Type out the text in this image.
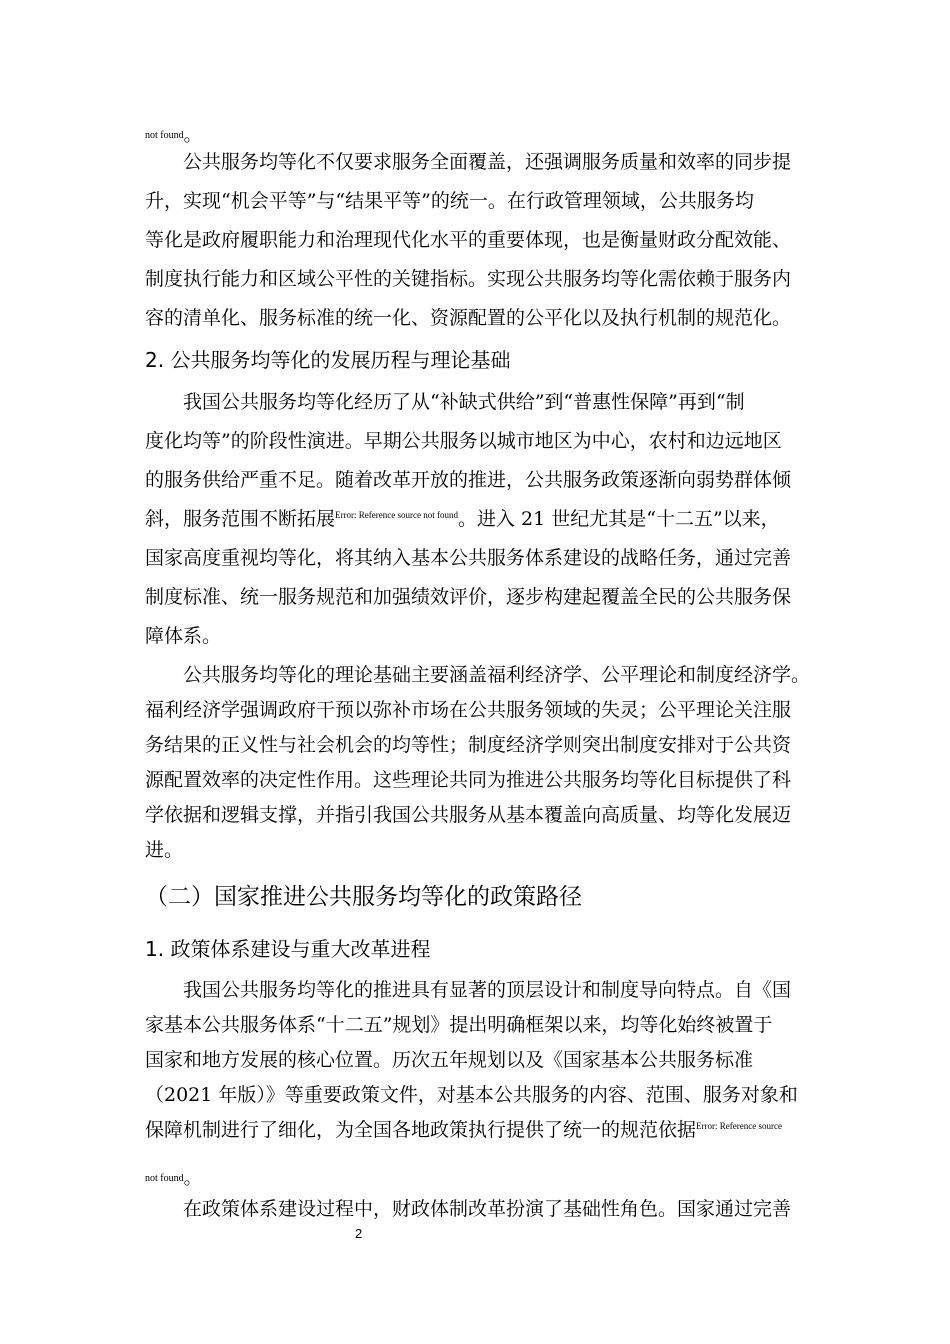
not found。
　　公共服务均等化不仅要求服务全面覆盖，还强调服务质量和效率的同步提
升，实现“机会平等”与“结果平等”的统一。在行政管理领域，公共服务均
等化是政府履职能力和治理现代化水平的重要体现，也是衡量财政分配效能、
制度执行能力和区域公平性的关键指标。实现公共服务均等化需依赖于服务内
容的清单化、服务标准的统一化、资源配置的公平化以及执行机制的规范化。
2. 公共服务均等化的发展历程与理论基础
　　我国公共服务均等化经历了从“补缺式供给”到“普惠性保障”再到“制
度化均等”的阶段性演进。早期公共服务以城市地区为中心，农村和边远地区
的服务供给严重不足。随着改革开放的推进，公共服务政策逐渐向弱势群体倾
斜，服务范围不断拓展$^{Error: Reference source not found}$。进入 21 世纪尤其是“十二五”以来，
国家高度重视均等化，将其纳入基本公共服务体系建设的战略任务，通过完善
制度标准、统一服务规范和加强绩效评价，逐步构建起覆盖全民的公共服务保
障体系。
　　公共服务均等化的理论基础主要涵盖福利经济学、公平理论和制度经济学。
福利经济学强调政府干预以弥补市场在公共服务领域的失灵；公平理论关注服
务结果的正义性与社会机会的均等性；制度经济学则突出制度安排对于公共资
源配置效率的决定性作用。这些理论共同为推进公共服务均等化目标提供了科
学依据和逻辑支撑，并指引我国公共服务从基本覆盖向高质量、均等化发展迈
进。
（二）国家推进公共服务均等化的政策路径
1. 政策体系建设与重大改革进程
　　我国公共服务均等化的推进具有显著的顶层设计和制度导向特点。自《国
家基本公共服务体系“十二五”规划》提出明确框架以来，均等化始终被置于
国家和地方发展的核心位置。历次五年规划以及《国家基本公共服务标准
（2021 年版）》等重要政策文件，对基本公共服务的内容、范围、服务对象和
保障机制进行了细化，为全国各地政策执行提供了统一的规范依据$^{Error: Reference source}$
not found。
　　在政策体系建设过程中，财政体制改革扮演了基础性角色。国家通过完善
2
